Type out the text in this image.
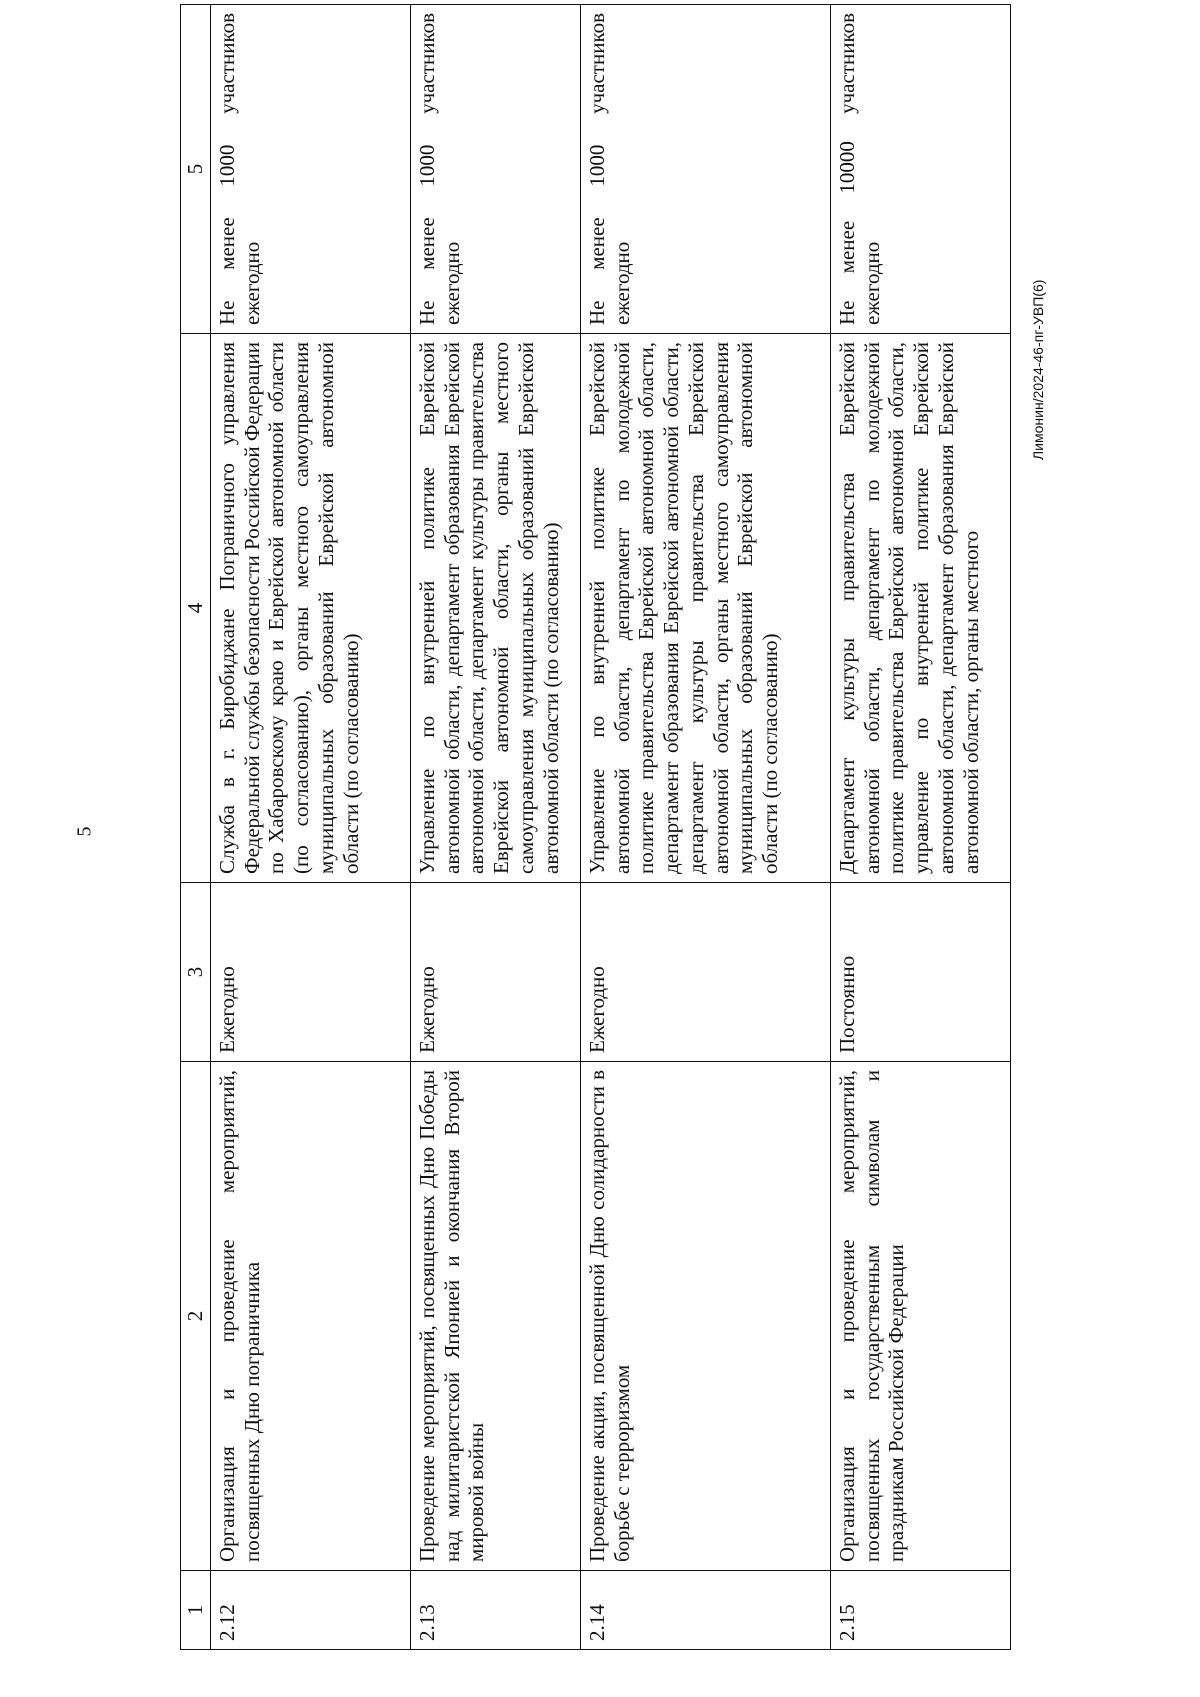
5
1	2	3	4	5
2.12	Организация и проведение мероприятий, посвященных Дню пограничника	Ежегодно	Служба в г. Биробиджане Пограничного управления Федеральной службы безопасности Российской Федерации по Хабаровскому краю и Еврейской автономной области (по согласованию), органы местного самоуправления муниципальных образований Еврейской автономной области (по согласованию)	Не менее 1000 участников ежегодно
2.13	Проведение мероприятий, посвященных Дню Победы над милитаристской Японией и окончания Второй мировой войны	Ежегодно	Управление по внутренней политике Еврейской автономной области, департамент образования Еврейской автономной области, департамент культуры правительства Еврейской автономной области, органы местного самоуправления муниципальных образований Еврейской автономной области (по согласованию)	Не менее 1000 участников ежегодно
2.14	Проведение акции, посвященной Дню солидарности в борьбе с терроризмом	Ежегодно	Управление по внутренней политике Еврейской автономной области, департамент по молодежной политике правительства Еврейской автономной области, департамент образования Еврейской автономной области, департамент культуры правительства Еврейской автономной области, органы местного самоуправления муниципальных образований Еврейской автономной области (по согласованию)	Не менее 1000 участников ежегодно
2.15	Организация и проведение мероприятий, посвященных государственным символам и праздникам Российской Федерации	Постоянно	Департамент культуры правительства Еврейской автономной области, департамент по молодежной политике правительства Еврейской автономной области, управление по внутренней политике Еврейской автономной области, департамент образования Еврейской автономной области, органы местного	Не менее 10000 участников ежегодно	Лимонин/2024-46-пг-УВП(6)
